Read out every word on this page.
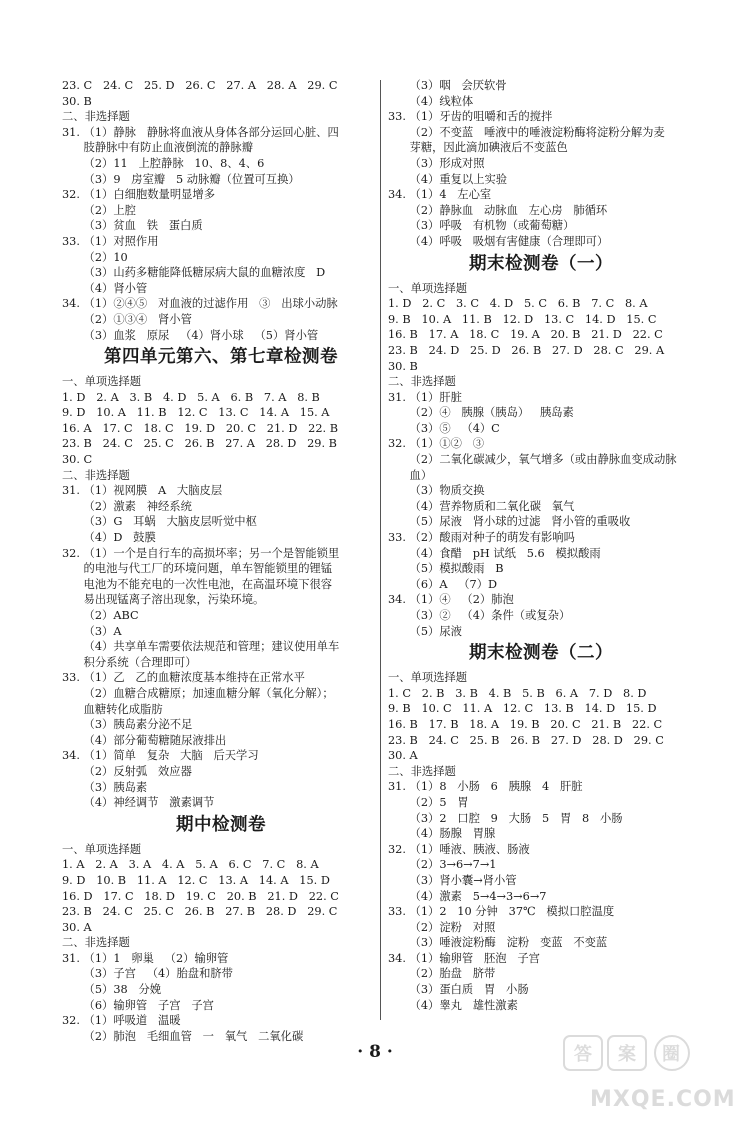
23. C   24. C   25. D   26. C   27. A   28. A   29. C
30. B
二、非选择题
31. （1）静脉   静脉将血液从身体各部分运回心脏、四
肢静脉中有防止血液倒流的静脉瓣
（2）11   上腔静脉   10、8、4、6
（3）9   房室瓣   5 动脉瓣（位置可互换）
32. （1）白细胞数量明显增多
（2）上腔
（3）贫血   铁   蛋白质
33. （1）对照作用
（2）10
（3）山药多糖能降低糖尿病大鼠的血糖浓度   D
（4）肾小管
34. （1）②④⑤   对血液的过滤作用   ③   出球小动脉
（2）①③④   肾小管
（3）血浆   原尿   （4）肾小球   （5）肾小管
第四单元第六、第七章检测卷
一、单项选择题
1. D   2. A   3. B   4. D   5. A   6. B   7. A   8. B
9. D   10. A   11. B   12. C   13. C   14. A   15. A
16. A   17. C   18. C   19. D   20. C   21. D   22. B
23. B   24. C   25. C   26. B   27. A   28. D   29. B
30. C
二、非选择题
31. （1）视网膜   A   大脑皮层
（2）激素   神经系统
（3）G   耳蜗   大脑皮层听觉中枢
（4）D   鼓膜
32. （1）一个是自行车的高损坏率；另一个是智能锁里
的电池与代工厂的环境问题，单车智能锁里的锂锰
电池为不能充电的一次性电池，在高温环境下很容
易出现锰离子溶出现象，污染环境。
（2）ABC
（3）A
（4）共享单车需要依法规范和管理；建议使用单车
积分系统（合理即可）
33. （1）乙   乙的血糖浓度基本维持在正常水平
（2）血糖合成糖原；加速血糖分解（氧化分解）；
血糖转化成脂肪
（3）胰岛素分泌不足
（4）部分葡萄糖随尿液排出
34. （1）简单   复杂   大脑   后天学习
（2）反射弧   效应器
（3）胰岛素
（4）神经调节   激素调节
期中检测卷
一、单项选择题
1. A   2. A   3. A   4. A   5. A   6. C   7. C   8. A
9. D   10. B   11. A   12. C   13. A   14. A   15. D
16. D   17. C   18. D   19. C   20. B   21. D   22. C
23. B   24. C   25. C   26. B   27. B   28. D   29. C
30. A
二、非选择题
31. （1）1   卵巢   （2）输卵管
（3）子宫   （4）胎盘和脐带
（5）38   分娩
（6）输卵管   子宫   子宫
32. （1）呼吸道   温暖
（2）肺泡   毛细血管   一   氧气   二氧化碳
（3）咽   会厌软骨
（4）线粒体
33. （1）牙齿的咀嚼和舌的搅拌
（2）不变蓝   唾液中的唾液淀粉酶将淀粉分解为麦
芽糖，因此滴加碘液后不变蓝色
（3）形成对照
（4）重复以上实验
34. （1）4   左心室
（2）静脉血   动脉血   左心房   肺循环
（3）呼吸   有机物（或葡萄糖）
（4）呼吸   吸烟有害健康（合理即可）
期末检测卷（一）
一、单项选择题
1. D   2. C   3. C   4. D   5. C   6. B   7. C   8. A
9. B   10. A   11. B   12. D   13. C   14. D   15. C
16. B   17. A   18. C   19. A   20. B   21. D   22. C
23. B   24. D   25. D   26. B   27. D   28. C   29. A
30. B
二、非选择题
31. （1）肝脏
（2）④   胰腺（胰岛）   胰岛素
（3）⑤   （4）C
32. （1）①②   ③
（2）二氧化碳减少，氧气增多（或由静脉血变成动脉
血）
（3）物质交换
（4）营养物质和二氧化碳   氧气
（5）尿液   肾小球的过滤   肾小管的重吸收
33. （2）酸雨对种子的萌发有影响吗
（4）食醋   pH 试纸   5.6   模拟酸雨
（5）模拟酸雨   B
（6）A   （7）D
34. （1）④   （2）肺泡
（3）②   （4）条件（或复杂）
（5）尿液
期末检测卷（二）
一、单项选择题
1. C   2. B   3. B   4. B   5. B   6. A   7. D   8. D
9. B   10. C   11. A   12. C   13. B   14. D   15. D
16. B   17. B   18. A   19. B   20. C   21. B   22. C
23. B   24. C   25. B   26. B   27. D   28. D   29. C
30. A
二、非选择题
31. （1）8   小肠   6   胰腺   4   肝脏
（2）5   胃
（3）2   口腔   9   大肠   5   胃   8   小肠
（4）肠腺   胃腺
32. （1）唾液、胰液、肠液
（2）3→6→7→1
（3）肾小囊→肾小管
（4）激素   5→4→3→6→7
33. （1）2   10 分钟   37℃   模拟口腔温度
（2）淀粉   对照
（3）唾液淀粉酶   淀粉   变蓝   不变蓝
34. （1）输卵管   胚泡   子宫
（2）胎盘   脐带
（3）蛋白质   胃   小肠
（4）睾丸   雄性激素
· 8 ·	答 案 圈
MXQE.COM
